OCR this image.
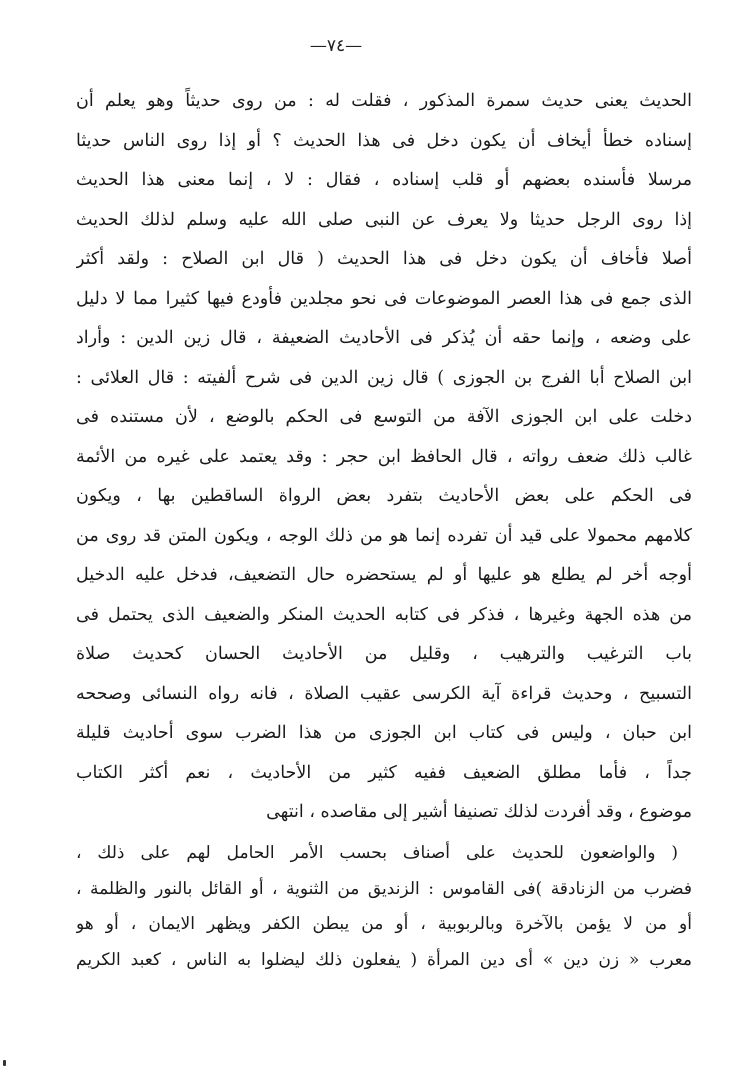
—٧٤—
الحديث يعنى حديث سمرة المذكور ، فقلت له : من روى حديثاً وهو يعلم أن
إسناده خطأ أيخاف أن يكون دخل فى هذا الحديث ؟ أو إذا روى الناس حديثا
مرسلا فأسنده بعضهم أو قلب إسناده ، فقال : لا ، إنما معنى هذا الحديث
إذا روى الرجل حديثا ولا يعرف عن النبى صلى الله عليه وسلم لذلك الحديث
أصلا فأخاف أن يكون دخل فى هذا الحديث ( قال ابن الصلاح : ولقد أكثر
الذى جمع فى هذا العصر الموضوعات فى نحو مجلدين فأودع فيها كثيرا مما لا دليل
على وضعه ، وإنما حقه أن يُذكر فى الأحاديث الضعيفة ، قال زين الدين : وأراد
ابن الصلاح أبا الفرج بن الجوزى ) قال زين الدين فى شرح ألفيته : قال العلائى :
دخلت على ابن الجوزى الآفة من التوسع فى الحكم بالوضع ، لأن مستنده فى
غالب ذلك ضعف رواته ، قال الحافظ ابن حجر : وقد يعتمد على غيره من الأئمة
فى الحكم على بعض الأحاديث بتفرد بعض الرواة الساقطين بها ، ويكون
كلامهم محمولا على قيد أن تفرده إنما هو من ذلك الوجه ، ويكون المتن قد روى من
أوجه أخر لم يطلع هو عليها أو لم يستحضره حال التضعيف، فدخل عليه الدخيل
من هذه الجهة وغيرها ، فذكر فى كتابه الحديث المنكر والضعيف الذى يحتمل فى
باب الترغيب والترهيب ، وقليل من الأحاديث الحسان كحديث صلاة
التسبيح ، وحديث قراءة آية الكرسى عقيب الصلاة ، فانه رواه النسائى وصححه
ابن حبان ، وليس فى كتاب ابن الجوزى من هذا الضرب سوى أحاديث قليلة
جداً ، فأما مطلق الضعيف ففيه كثير من الأحاديث ، نعم أكثر الكتاب
موضوع ، وقد أفردت لذلك تصنيفا أشير إلى مقاصده ، انتهى
( والواضعون للحديث على أصناف بحسب الأمر الحامل لهم على ذلك ،
فضرب من الزنادقة )فى القاموس : الزنديق من الثنوية ، أو القائل بالنور والظلمة ،
أو من لا يؤمن بالآخرة وبالربوبية ، أو من يبطن الكفر ويظهر الايمان ، أو هو
معرب « زن دين » أى دين المرأة ( يفعلون ذلك ليضلوا به الناس ، كعبد الكريم
